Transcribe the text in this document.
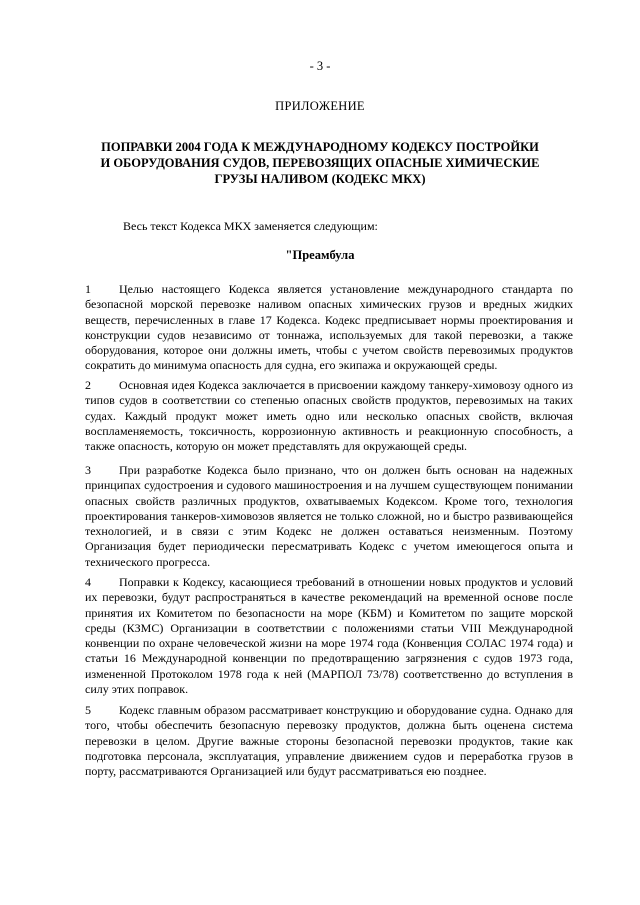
- 3 -
ПРИЛОЖЕНИЕ
ПОПРАВКИ 2004 ГОДА К МЕЖДУНАРОДНОМУ КОДЕКСУ ПОСТРОЙКИ И ОБОРУДОВАНИЯ СУДОВ, ПЕРЕВОЗЯЩИХ ОПАСНЫЕ ХИМИЧЕСКИЕ ГРУЗЫ НАЛИВОМ (КОДЕКС МКХ)
Весь текст Кодекса МКХ заменяется следующим:
"Преамбула
1 Целью настоящего Кодекса является установление международного стандарта по безопасной морской перевозке наливом опасных химических грузов и вредных жидких веществ, перечисленных в главе 17 Кодекса. Кодекс предписывает нормы проектирования и конструкции судов независимо от тоннажа, используемых для такой перевозки, а также оборудования, которое они должны иметь, чтобы с учетом свойств перевозимых продуктов сократить до минимума опасность для судна, его экипажа и окружающей среды.
2 Основная идея Кодекса заключается в присвоении каждому танкеру-химовозу одного из типов судов в соответствии со степенью опасных свойств продуктов, перевозимых на таких судах. Каждый продукт может иметь одно или несколько опасных свойств, включая воспламеняемость, токсичность, коррозионную активность и реакционную способность, а также опасность, которую он может представлять для окружающей среды.
3 При разработке Кодекса было признано, что он должен быть основан на надежных принципах судостроения и судового машиностроения и на лучшем существующем понимании опасных свойств различных продуктов, охватываемых Кодексом. Кроме того, технология проектирования танкеров-химовозов является не только сложной, но и быстро развивающейся технологией, и в связи с этим Кодекс не должен оставаться неизменным. Поэтому Организация будет периодически пересматривать Кодекс с учетом имеющегося опыта и технического прогресса.
4 Поправки к Кодексу, касающиеся требований в отношении новых продуктов и условий их перевозки, будут распространяться в качестве рекомендаций на временной основе после принятия их Комитетом по безопасности на море (КБМ) и Комитетом по защите морской среды (КЗМС) Организации в соответствии с положениями статьи VIII Международной конвенции по охране человеческой жизни на море 1974 года (Конвенция СОЛАС 1974 года) и статьи 16 Международной конвенции по предотвращению загрязнения с судов 1973 года, измененной Протоколом 1978 года к ней (МАРПОЛ 73/78) соответственно до вступления в силу этих поправок.
5 Кодекс главным образом рассматривает конструкцию и оборудование судна. Однако для того, чтобы обеспечить безопасную перевозку продуктов, должна быть оценена система перевозки в целом. Другие важные стороны безопасной перевозки продуктов, такие как подготовка персонала, эксплуатация, управление движением судов и переработка грузов в порту, рассматриваются Организацией или будут рассматриваться ею позднее.
